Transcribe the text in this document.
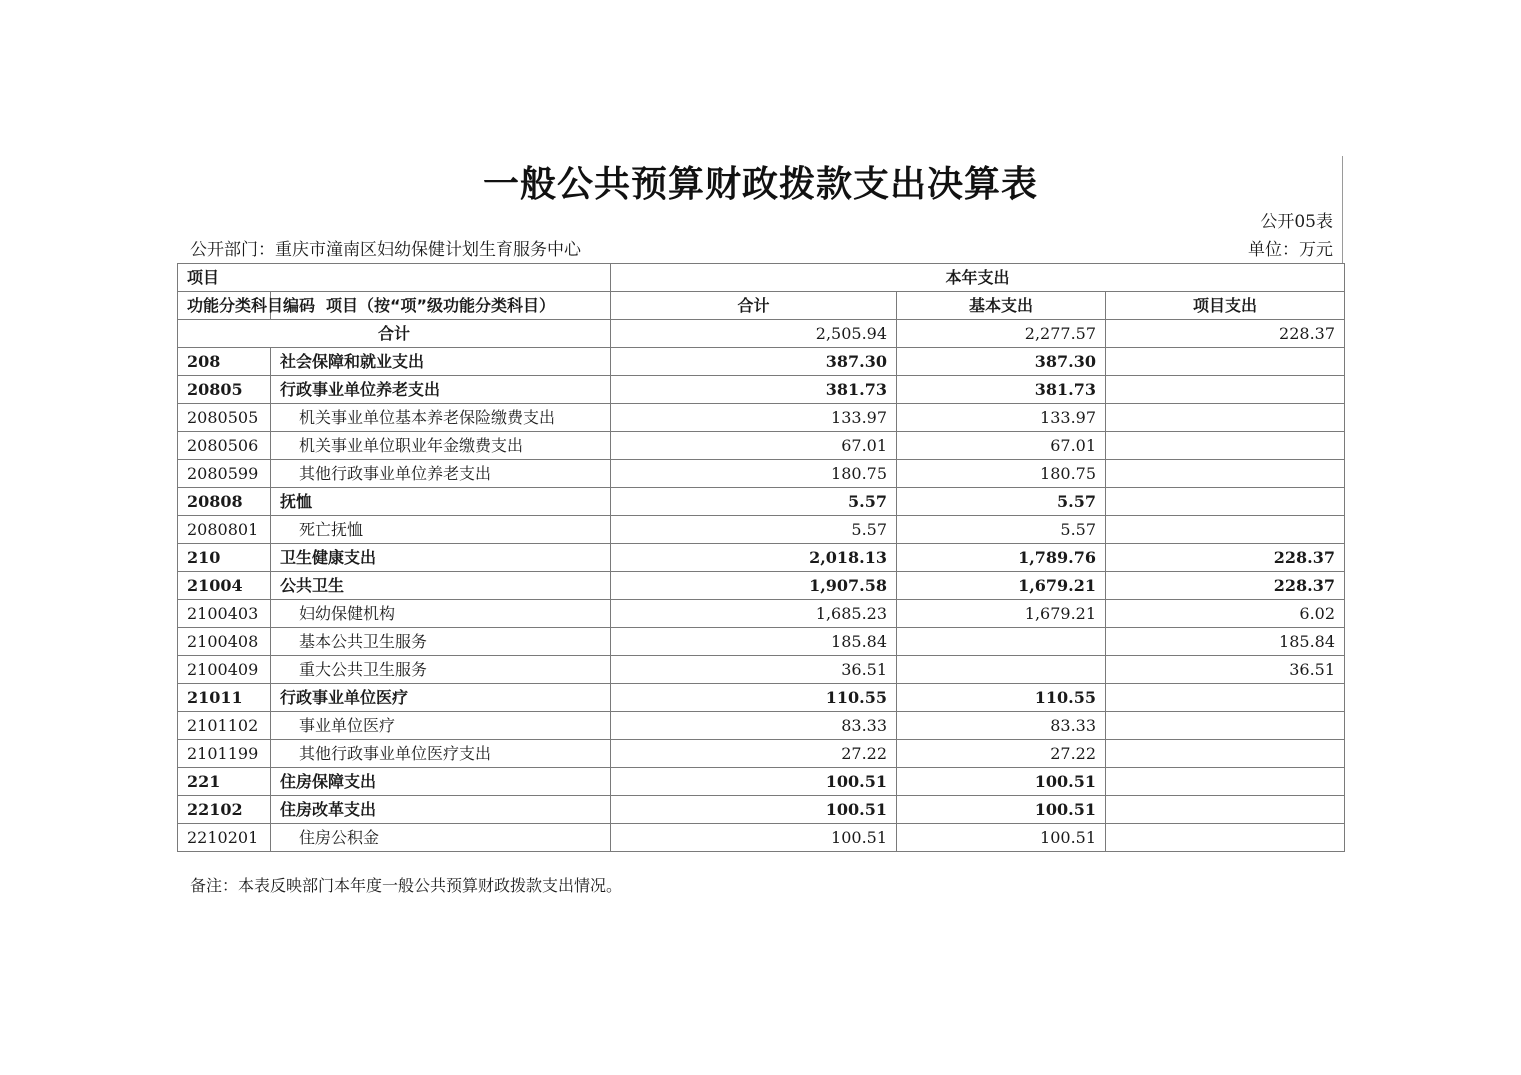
一般公共预算财政拨款支出决算表
公开05表
公开部门：重庆市潼南区妇幼保健计划生育服务中心	单位：万元
项目		本年支出		
功能分类科目编码	项目（按“项”级功能分类科目）	合计	基本支出	项目支出
合计		2,505.94	2,277.57	228.37
208	社会保障和就业支出	387.30	387.30	
20805	行政事业单位养老支出	381.73	381.73	
2080505	机关事业单位基本养老保险缴费支出	133.97	133.97	
2080506	机关事业单位职业年金缴费支出	67.01	67.01	
2080599	其他行政事业单位养老支出	180.75	180.75	
20808	抚恤	5.57	5.57	
2080801	死亡抚恤	5.57	5.57	
210	卫生健康支出	2,018.13	1,789.76	228.37
21004	公共卫生	1,907.58	1,679.21	228.37
2100403	妇幼保健机构	1,685.23	1,679.21	6.02
2100408	基本公共卫生服务	185.84		185.84
2100409	重大公共卫生服务	36.51		36.51
21011	行政事业单位医疗	110.55	110.55	
2101102	事业单位医疗	83.33	83.33	
2101199	其他行政事业单位医疗支出	27.22	27.22	
221	住房保障支出	100.51	100.51	
22102	住房改革支出	100.51	100.51	
2210201	住房公积金	100.51	100.51	
备注：本表反映部门本年度一般公共预算财政拨款支出情况。
